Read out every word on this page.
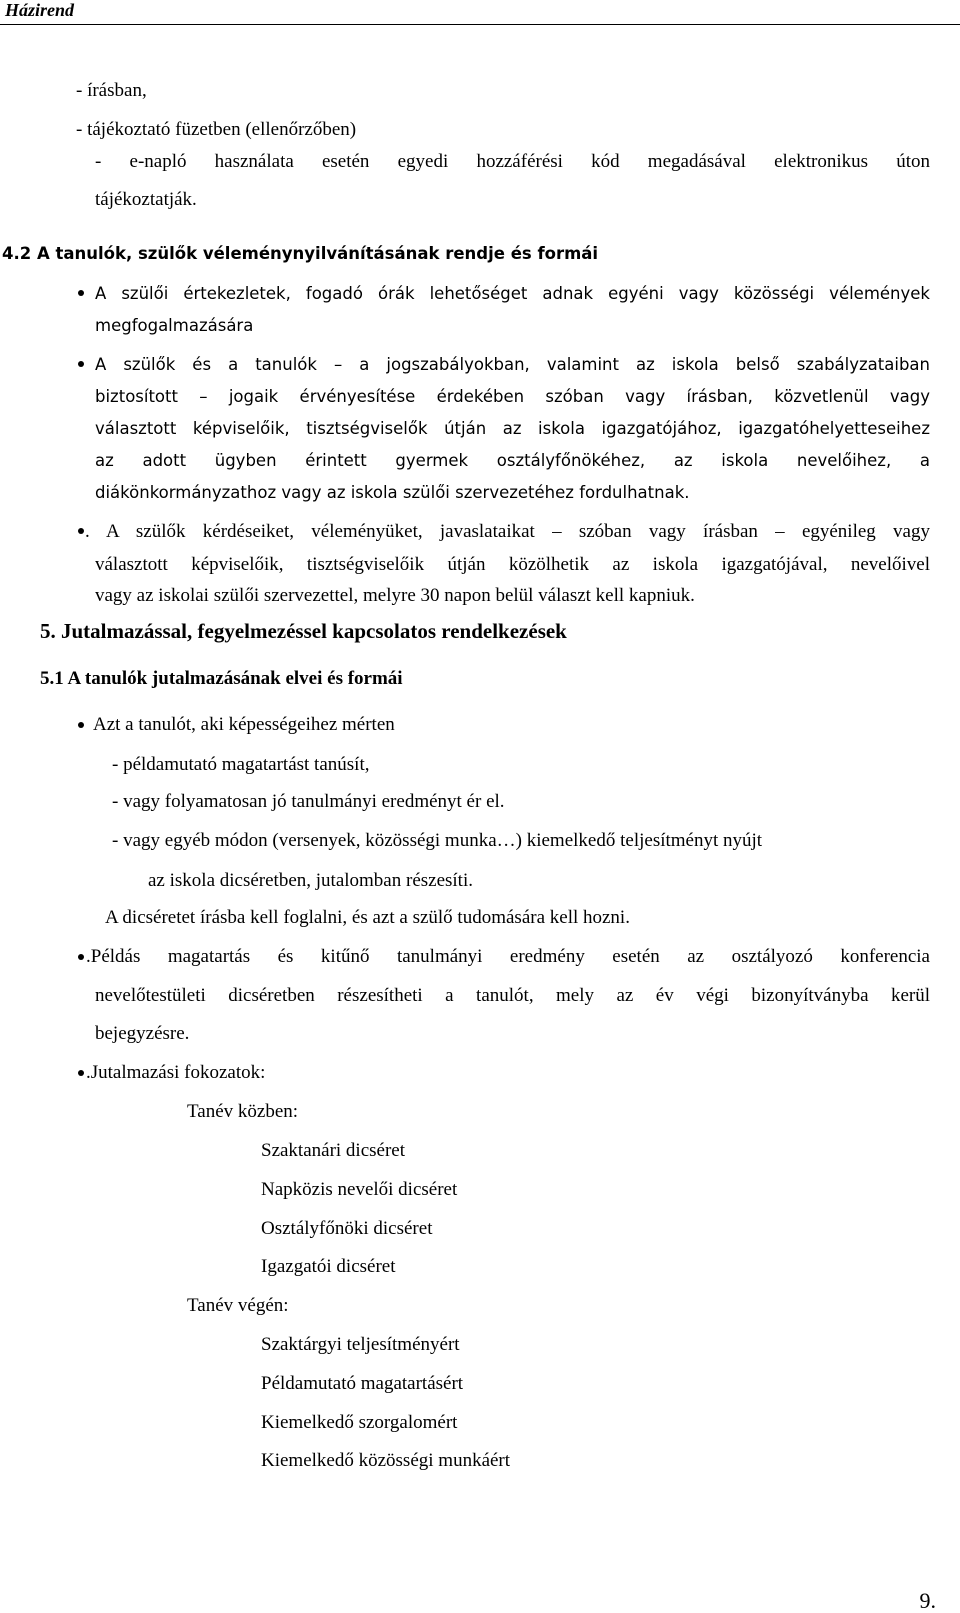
Házirend
- írásban,
- tájékoztató füzetben (ellenőrzőben)
- e-napló használata esetén egyedi hozzáférési kód megadásával elektronikus úton
tájékoztatják.
4.2 A tanulók, szülők véleménynyilvánításának rendje és formái
A szülői értekezletek, fogadó órák lehetőséget adnak egyéni vagy közösségi vélemények
megfogalmazására
A szülők és a tanulók – a jogszabályokban, valamint az iskola belső szabályzataiban
biztosított – jogaik érvényesítése érdekében szóban vagy írásban, közvetlenül vagy
választott képviselőik, tisztségviselők útján az iskola igazgatójához, igazgatóhelyetteseihez
az adott ügyben érintett gyermek osztályfőnökéhez, az iskola nevelőihez, a
diákönkormányzathoz vagy az iskola szülői szervezetéhez fordulhatnak.
. A szülők kérdéseiket, véleményüket, javaslataikat – szóban vagy írásban – egyénileg vagy
választott képviselőik, tisztségviselőik útján közölhetik az iskola igazgatójával, nevelőivel
vagy az iskolai szülői szervezettel, melyre 30 napon belül választ kell kapniuk.
5. Jutalmazással, fegyelmezéssel kapcsolatos rendelkezések
5.1 A tanulók jutalmazásának elvei és formái
Azt a tanulót, aki képességeihez mérten
- példamutató magatartást tanúsít,
- vagy folyamatosan jó tanulmányi eredményt ér el.
- vagy egyéb módon (versenyek, közösségi munka…) kiemelkedő teljesítményt nyújt
az iskola dicséretben, jutalomban részesíti.
A dicséretet írásba kell foglalni, és azt a szülő tudomására kell hozni.
.Példás magatartás és kitűnő tanulmányi eredmény esetén az osztályozó konferencia
nevelőtestületi dicséretben részesítheti a tanulót, mely az év végi bizonyítványba kerül
bejegyzésre.
.Jutalmazási fokozatok:
Tanév közben:
Szaktanári dicséret
Napközis nevelői dicséret
Osztályfőnöki dicséret
Igazgatói dicséret
Tanév végén:
Szaktárgyi teljesítményért
Példamutató magatartásért
Kiemelkedő szorgalomért
Kiemelkedő közösségi munkáért
9.
